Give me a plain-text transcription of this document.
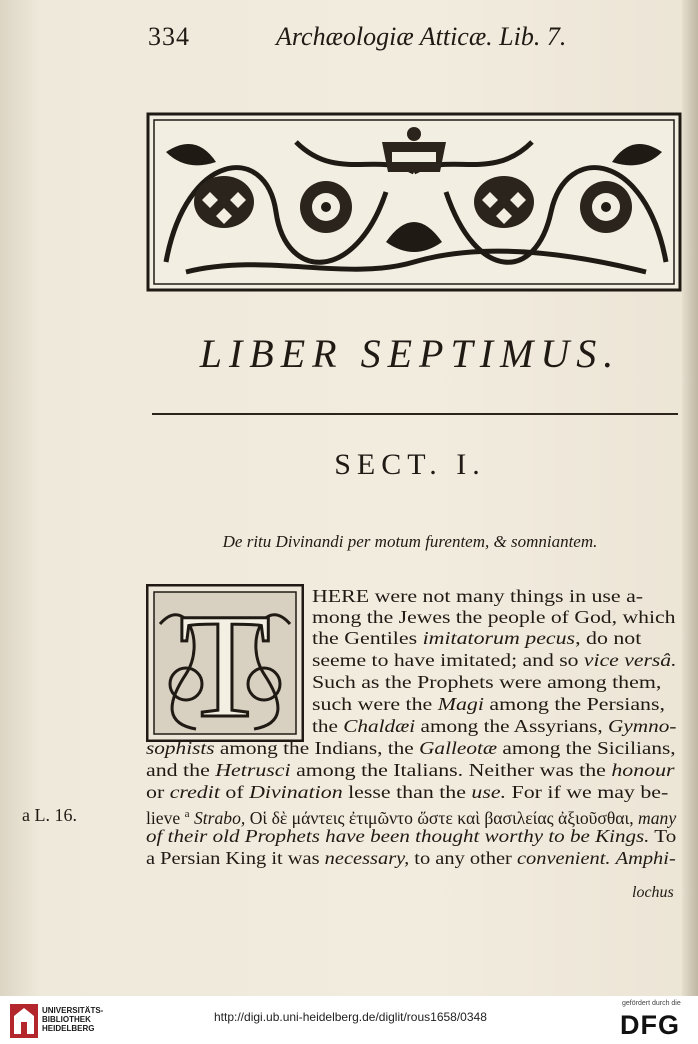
334	Archæologiæ Atticæ. Lib. 7.
LIBER SEPTIMUS.
SECT. I.
De ritu Divinandi per motum furentem, & somniantem.
T HERE were not many things in use a-
mong the Jewes the people of God, which
the Gentiles imitatorum pecus, do not
seeme to have imitated; and so vice versâ.
Such as the Prophets were among them,
such were the Magi among the Persians,
the Chaldæi among the Assyrians, Gymno-
sophists among the Indians, the Galleotæ among the Sicilians,
and the Hetrusci among the Italians. Neither was the honour
or credit of Divination lesse than the use. For if we may be-
lieve $^a$ Strabo, Οἱ δὲ μάντεις ἐτιμῶντο ὥστε καὶ βασιλείας ἀξιοῦσθαι, many
of their old Prophets have been thought worthy to be Kings. To
a Persian King it was necessary, to any other convenient. Amphi-
a L. 16.
lochus
UNIVERSITÄTS-
BIBLIOTHEK
HEIDELBERG
http://digi.ub.uni-heidelberg.de/diglit/rous1658/0348
gefördert durch die
DFG
